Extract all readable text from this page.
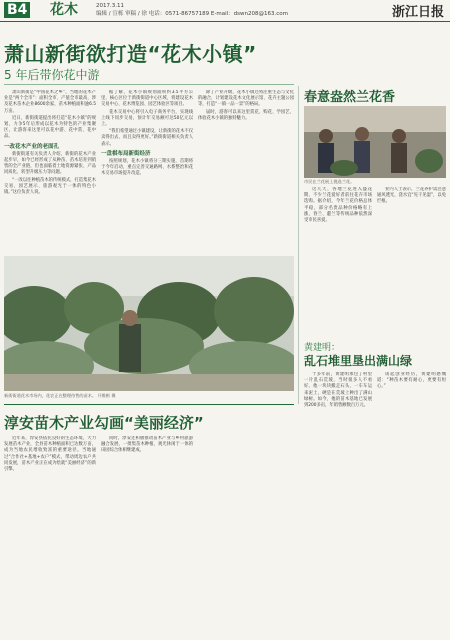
B4 花木	2017.3.11
编辑 / 宣栎 审稿 / 徐 电话：0571-86757189 E-mail：dswn208@163.com	浙江日报
萧山新街欲打造“花木小镇”
5 年后带你花中游

萧山新街是“中国花木之乡”，当地的花木产业是“两个全市”：面积全市、产值全市最高，涉及花木苗木企业8600余家，苗木种植面积逾6.5万亩。

近日，新街街道提出将打造“花木小镇”的规划，力争5年后形成以花木为特色的产业集聚区，让游客来这里可以花中游、花中赏、花中品。

一改花木产业的老面孔

新街街道有关负责人介绍，新街的花木产业起步早，如今已经形成了从种苗、苗木培育到销售的全产业链，但也面临着土地资源紧张、产品同质化、转型升级压力等问题。

“一改以往种植苗木的传统模式，打造集花木交易、园艺展示、旅游观光于一体的特色小镇。”这位负责人说。

据了解，花木小镇规划面积约3.5平方公里，核心区位于新街街道中心区域，将建设花木交易中心、花木博览园、园艺体验区等项目。

花木交易中心将引入电子商务平台，实现线上线下同步交易，预计年交易额可达50亿元以上。

“我们希望通过小镇建设，让新街的花木不仅卖得出去，而且卖得更好。”新街街道相关负责人表示。

一盘棋布局新街经济

按照规划，花木小镇将分三期实施，首期将于今年启动，重点完善交通路网、水系整治和花木交易市场提升改造。

除了产业升级，花木小镇还将注重生态与文化的融合，计划建设花木文化展示馆、花卉主题公园等，打造“一镇一品一景”的格局。

届时，游客可以来这里赏花、购花、学园艺，体验花木小镇的独特魅力。

新街街道花木市场内，花农正在整理待售的苗木。 开维彬 摄
春意盎然兰花香
市民在兰花展上挑选兰花。

这几天，各地兰花进入盛花期，不少兰花爱好者前往花卉市场选购。据介绍，今年兰花价格总体平稳，部分名贵品种价格略有上涨，春兰、蕙兰等传统品种依然深受市民喜爱。

业内人士表示，兰花养护需注意通风透光，浇水宜“见干见湿”，以免烂根。

黄建明：
乱石堆里垦出满山绿

十多年前，黄建明承包了村里一片乱石荒坡，当时很多人不看好。他一块块搬走石头，一车车运来泥土，硬是在荒坡上种出了满山绿树。如今，他的苗木基地已发展到200多亩，年销售额数百万元。

谈起创业经历，黄建明感慨道：“种苗木要有耐心，更要有恒心。”

淳安苗木产业勾画“美丽经济”

近年来，淳安县依托良好的生态环境，大力发展苗木产业，全县苗木种植面积已达数万亩，成为当地农民增收致富的重要途径。当地通过“合作社+基地+农户”模式，带动周边农户共同发展，苗木产业正在成为绘就“美丽经济”的新引擎。

同时，淳安还积极推动苗木产业与乡村旅游融合发展，一批集苗木种植、观光休闲于一体的田园综合体相继建成。
